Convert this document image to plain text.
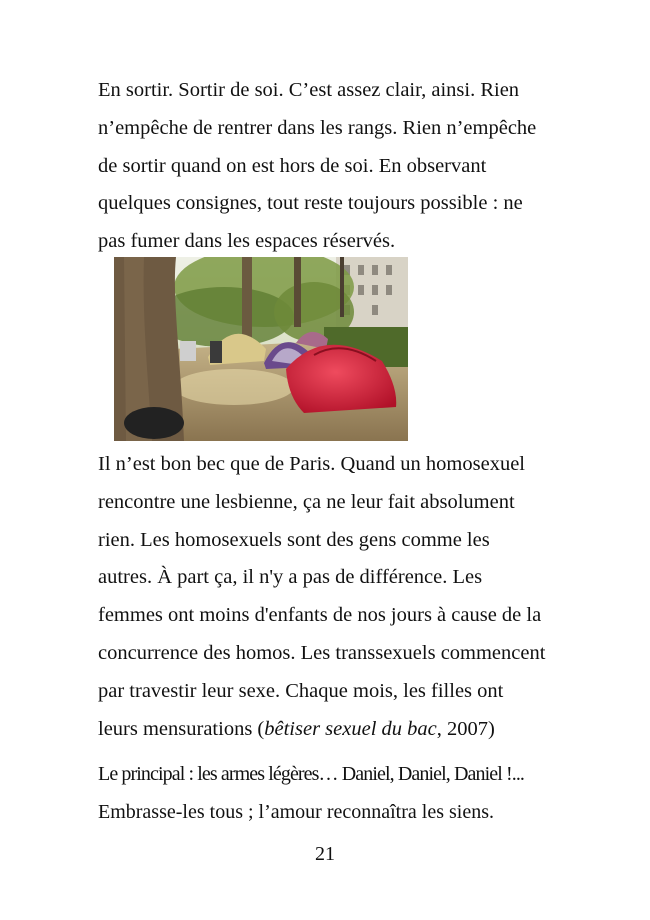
En sortir. Sortir de soi. C’est assez clair, ainsi. Rien
n’empêche de rentrer dans les rangs. Rien n’empêche
de sortir quand on est hors de soi. En observant
quelques consignes, tout reste toujours possible : ne
pas fumer dans les espaces réservés.
Il n’est bon bec que de Paris. Quand un homosexuel
rencontre une lesbienne, ça ne leur fait absolument
rien. Les homosexuels sont des gens comme les
autres. À part ça, il n'y a pas de différence. Les
femmes ont moins d'enfants de nos jours à cause de la
concurrence des homos. Les transsexuels commencent
par travestir leur sexe. Chaque mois, les filles ont
leurs mensurations (bêtiser sexuel du bac, 2007)
Le principal : les armes légères… Daniel, Daniel, Daniel !...
Embrasse-les tous ; l’amour reconnaîtra les siens.
21
